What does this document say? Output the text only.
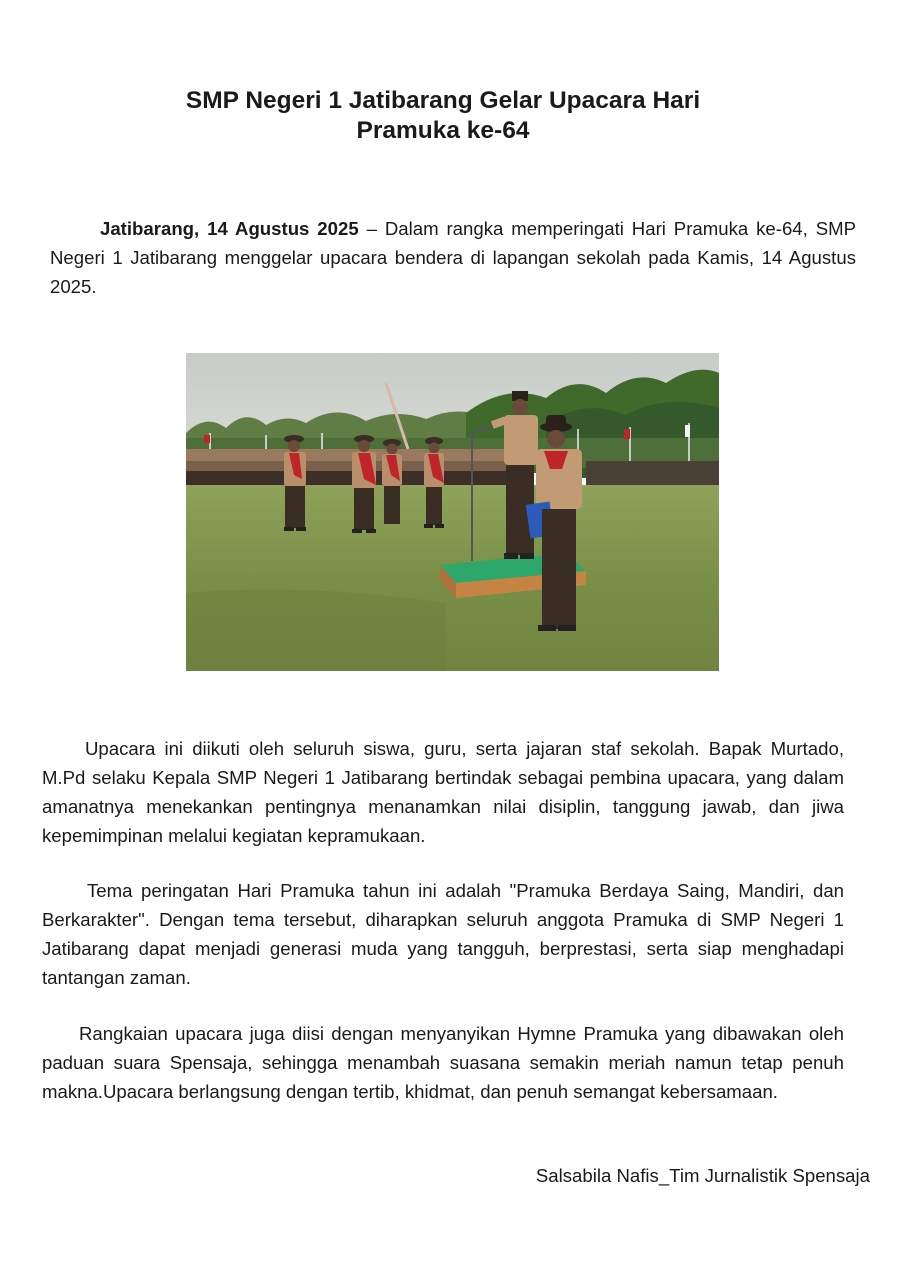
SMP Negeri 1 Jatibarang Gelar Upacara Hari
Pramuka ke-64

Jatibarang, 14 Agustus 2025 – Dalam rangka memperingati Hari Pramuka ke-64, SMP Negeri 1 Jatibarang menggelar upacara bendera di lapangan sekolah pada Kamis, 14 Agustus 2025.

Upacara ini diikuti oleh seluruh siswa, guru, serta jajaran staf sekolah. Bapak Murtado, M.Pd selaku Kepala SMP Negeri 1 Jatibarang bertindak sebagai pembina upacara, yang dalam amanatnya menekankan pentingnya menanamkan nilai disiplin, tanggung jawab, dan jiwa kepemimpinan melalui kegiatan kepramukaan.

Tema peringatan Hari Pramuka tahun ini adalah "Pramuka Berdaya Saing, Mandiri, dan Berkarakter". Dengan tema tersebut, diharapkan seluruh anggota Pramuka di SMP Negeri 1 Jatibarang dapat menjadi generasi muda yang tangguh, berprestasi, serta siap menghadapi tantangan zaman.

Rangkaian upacara juga diisi dengan menyanyikan Hymne Pramuka yang dibawakan oleh paduan suara Spensaja, sehingga menambah suasana semakin meriah namun tetap penuh makna.Upacara berlangsung dengan tertib, khidmat, dan penuh semangat kebersamaan.

Salsabila Nafis_Tim Jurnalistik Spensaja
